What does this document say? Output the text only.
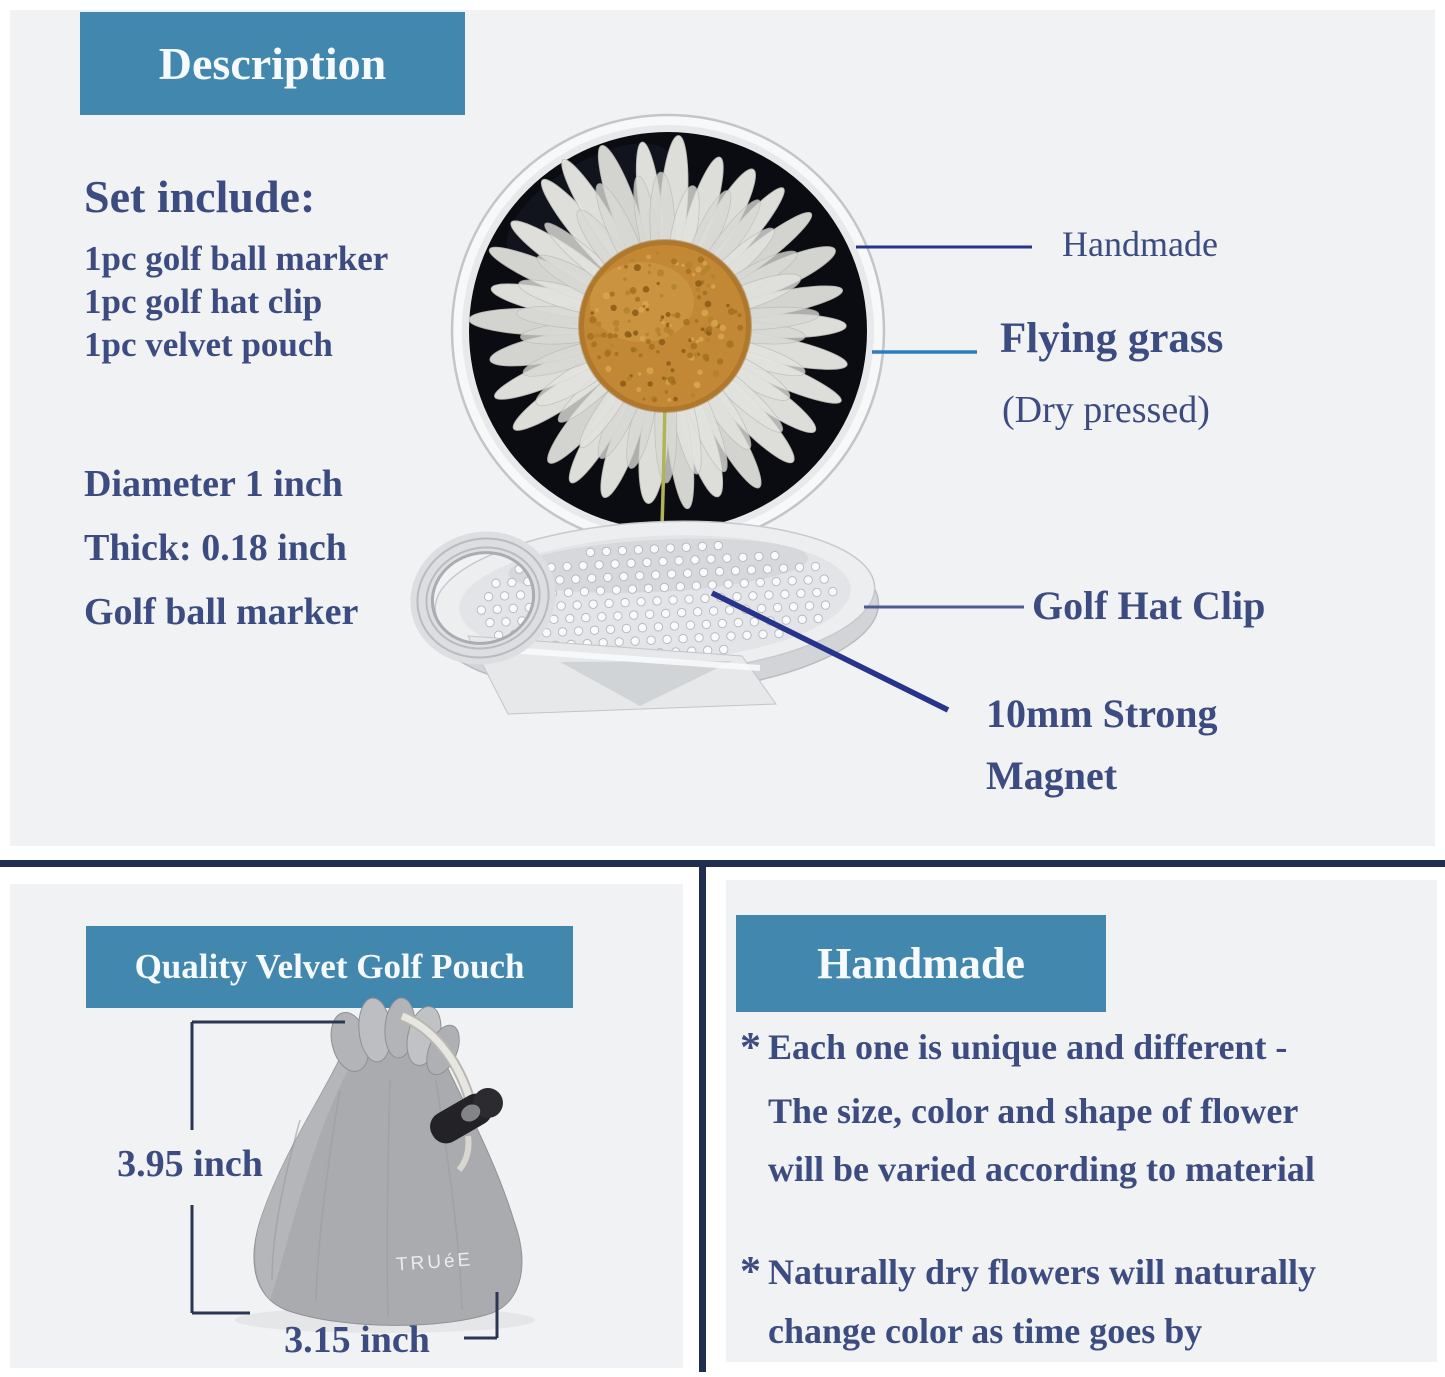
Description
Set include:
1pc golf ball marker
1pc golf hat clip
1pc velvet pouch
Diameter 1 inch
Thick: 0.18 inch
Golf ball marker
Handmade
Flying grass
(Dry pressed)
Golf Hat Clip
10mm Strong
Magnet
Quality Velvet Golf Pouch
3.95 inch
3.15 inch
TRUéE
Handmade
* Each one is unique and different -
The size, color and shape of flower
will be varied according to material
* Naturally dry flowers will naturally
change color as time goes by
